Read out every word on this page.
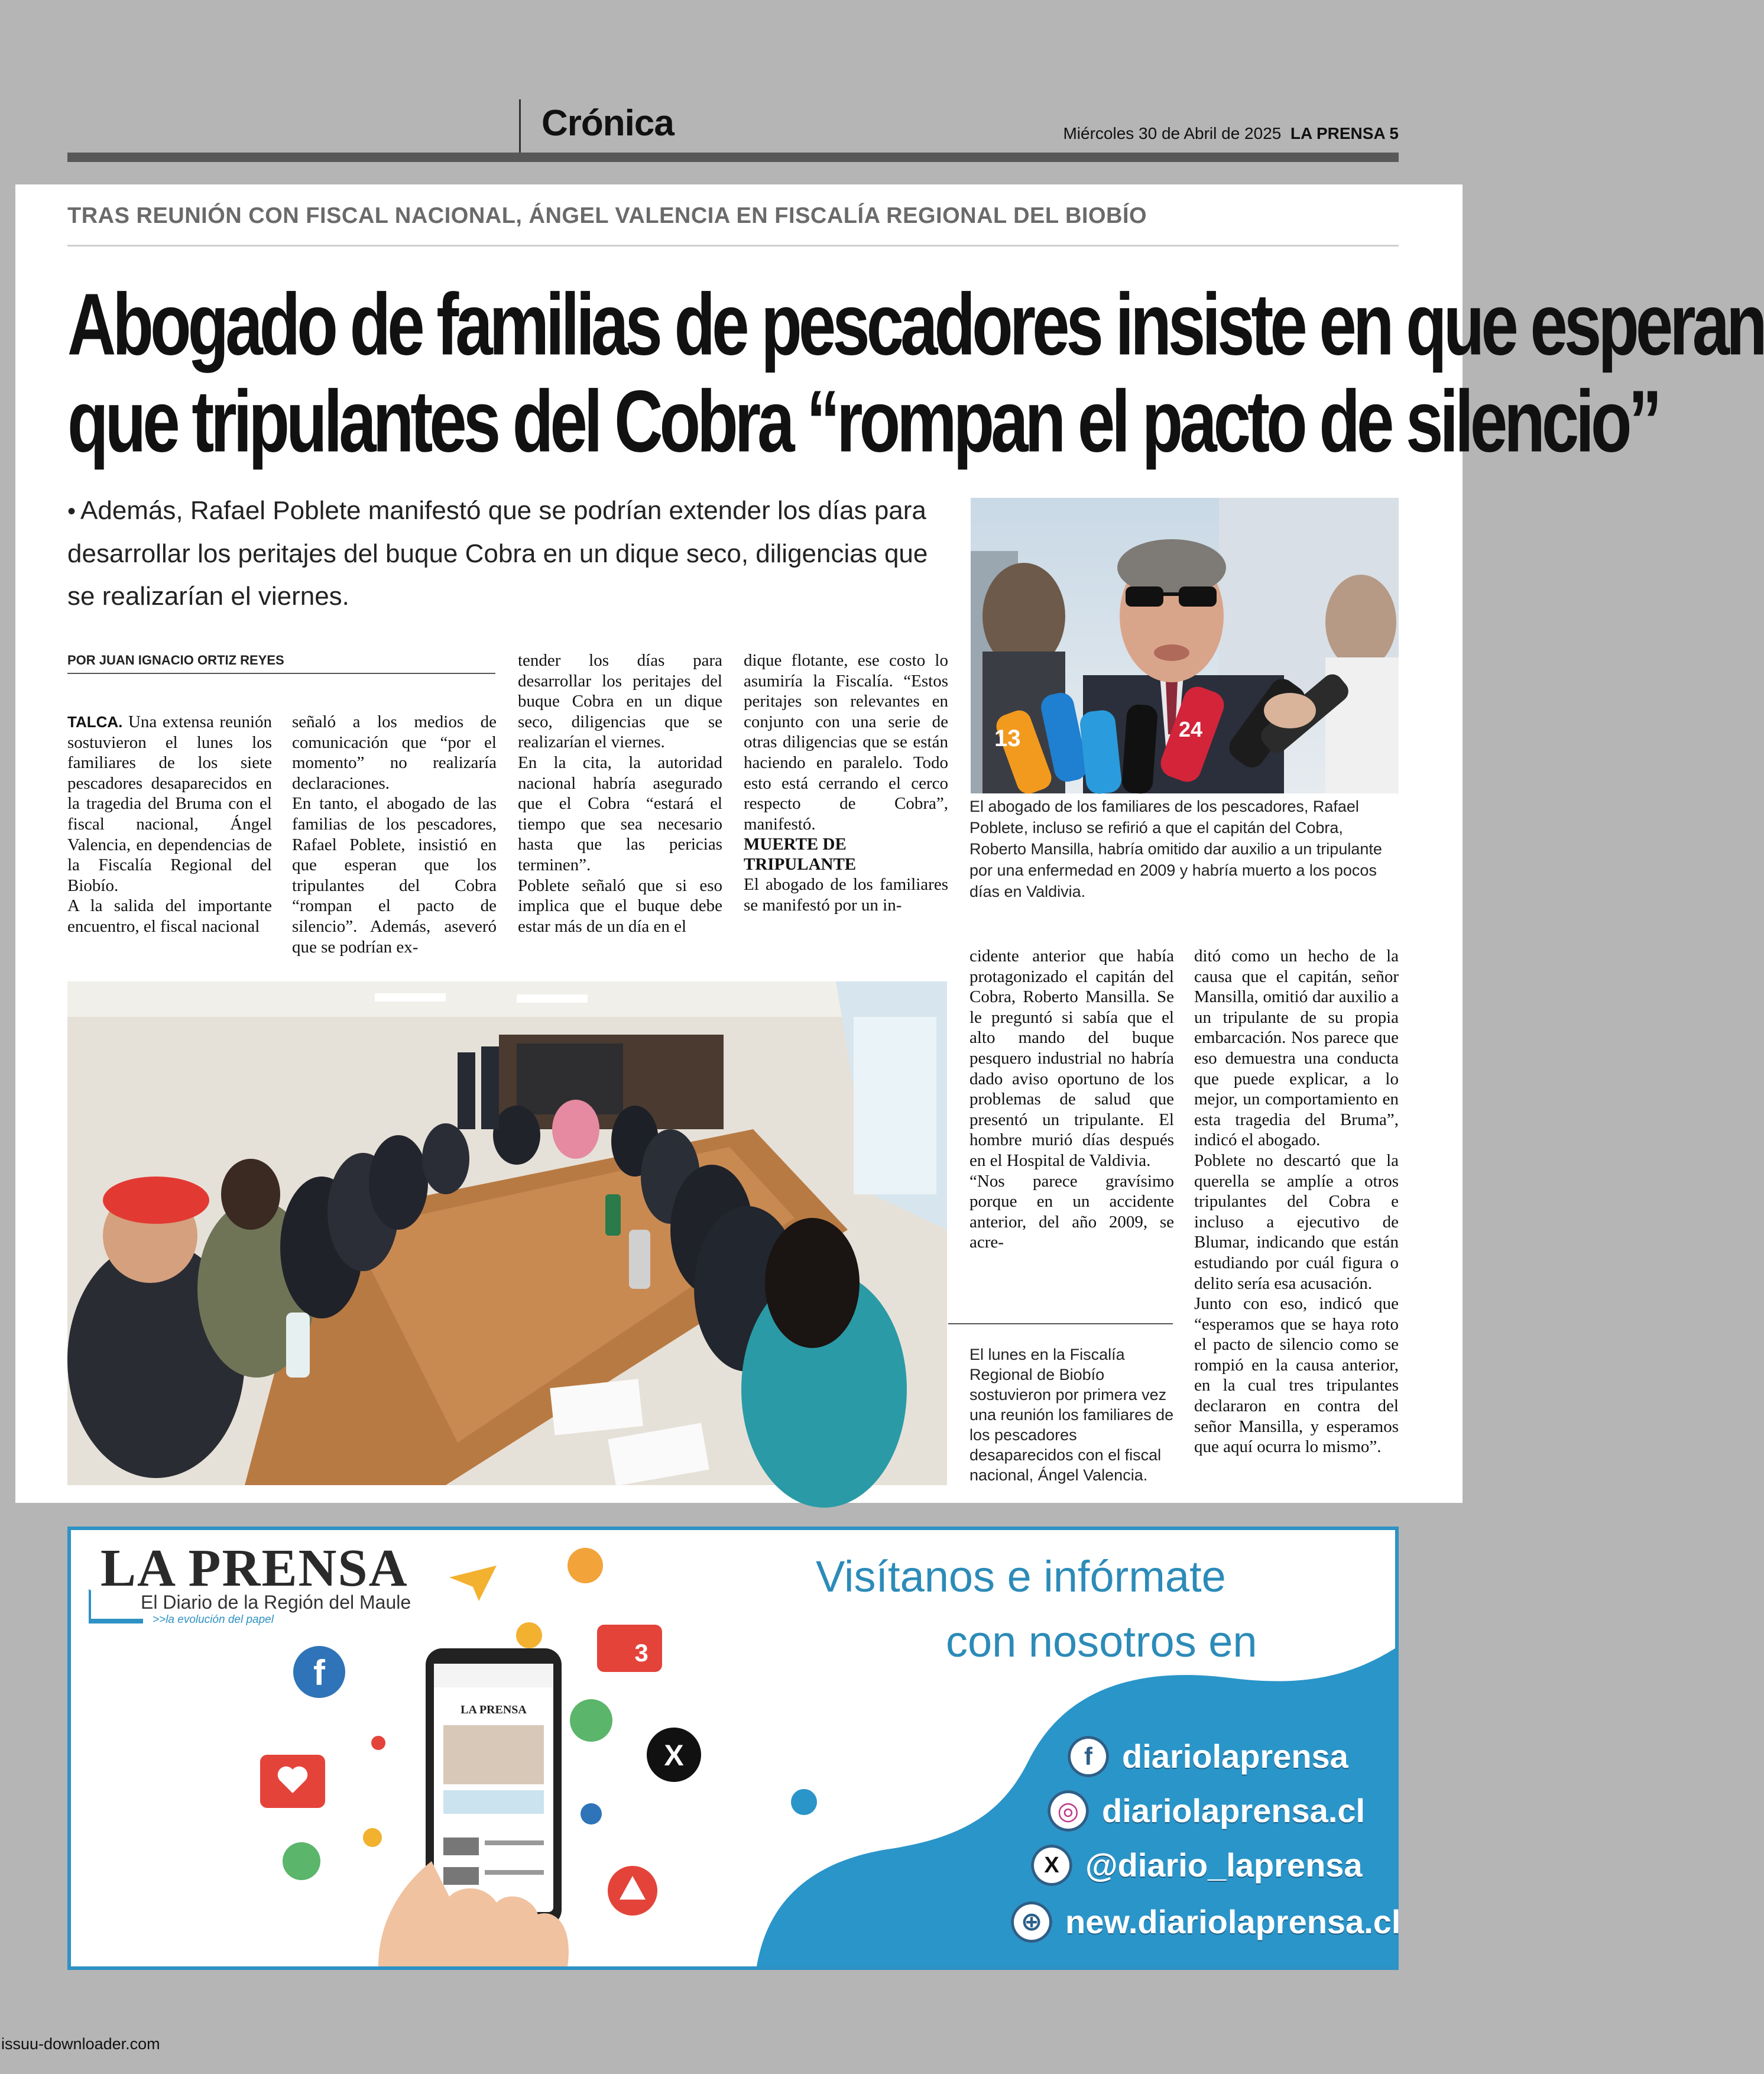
Crónica	Miércoles 30 de Abril de 2025 LA PRENSA 5
TRAS REUNIÓN CON FISCAL NACIONAL, ÁNGEL VALENCIA EN FISCALÍA REGIONAL DEL BIOBÍO
Abogado de familias de pescadores insiste en que esperan
que tripulantes del Cobra “rompan el pacto de silencio”
• Además, Rafael Poblete manifestó que se podrían extender los días para desarrollar los peritajes del buque Cobra en un dique seco, diligencias que se realizarían el viernes.
POR JUAN IGNACIO ORTIZ REYES

TALCA. Una extensa reunión sostuvieron el lunes los familiares de los siete pescadores desaparecidos en la tragedia del Bruma con el fiscal nacional, Ángel Valencia, en dependencias de la Fiscalía Regional del Biobío.

A la salida del importante encuentro, el fiscal nacional

señaló a los medios de comunicación que “por el momento” no realizaría declaraciones.

En tanto, el abogado de las familias de los pescadores, Rafael Poblete, insistió en que esperan que los tripulantes del Cobra “rompan el pacto de silencio”. Además, aseveró que se podrían ex-

tender los días para desarrollar los peritajes del buque Cobra en un dique seco, diligencias que se realizarían el viernes.

En la cita, la autoridad nacional habría asegurado que el Cobra “estará el tiempo que sea necesario hasta que las pericias terminen”.

Poblete señaló que si eso implica que el buque debe estar más de un día en el

dique flotante, ese costo lo asumiría la Fiscalía. “Estos peritajes son relevantes en conjunto con una serie de otras diligencias que se están haciendo en paralelo. Todo esto está cerrando el cerco respecto de Cobra”, manifestó.

MUERTE DE TRIPULANTE

El abogado de los familiares se manifestó por un in-

cidente anterior que había protagonizado el capitán del Cobra, Roberto Mansilla. Se le preguntó si sabía que el alto mando del buque pesquero industrial no habría dado aviso oportuno de los problemas de salud que presentó un tripulante. El hombre murió días después en el Hospital de Valdivia.

“Nos parece gravísimo porque en un accidente anterior, del año 2009, se acre-

ditó como un hecho de la causa que el capitán, señor Mansilla, omitió dar auxilio a un tripulante de su propia embarcación. Nos parece que eso demuestra una conducta que puede explicar, a lo mejor, un comportamiento en esta tragedia del Bruma”, indicó el abogado.

Poblete no descartó que la querella se amplíe a otros tripulantes del Cobra e incluso a ejecutivo de Blumar, indicando que están estudiando por cuál figura o delito sería esa acusación.

Junto con eso, indicó que “esperamos que se haya roto el pacto de silencio como se rompió en la causa anterior, en la cual tres tripulantes declararon en contra del señor Mansilla, y esperamos que aquí ocurra lo mismo”.

13	24
El abogado de los familiares de los pescadores, Rafael Poblete, incluso se refirió a que el capitán del Cobra, Roberto Mansilla, habría omitido dar auxilio a un tripulante por una enfermedad en 2009 y habría muerto a los pocos días en Valdivia.
El lunes en la Fiscalía Regional de Biobío sostuvieron por primera vez una reunión los familiares de los pescadores desaparecidos con el fiscal nacional, Ángel Valencia.
f
3
X
LA PRENSA
LA PRENSA
El Diario de la Región del Maule
>>la evolución del papel
Visítanos e infórmate
con nosotros en
f diariolaprensa
◎ diariolaprensa.cl
X @diario_laprensa
⊕ new.diariolaprensa.cl
issuu-downloader.com
